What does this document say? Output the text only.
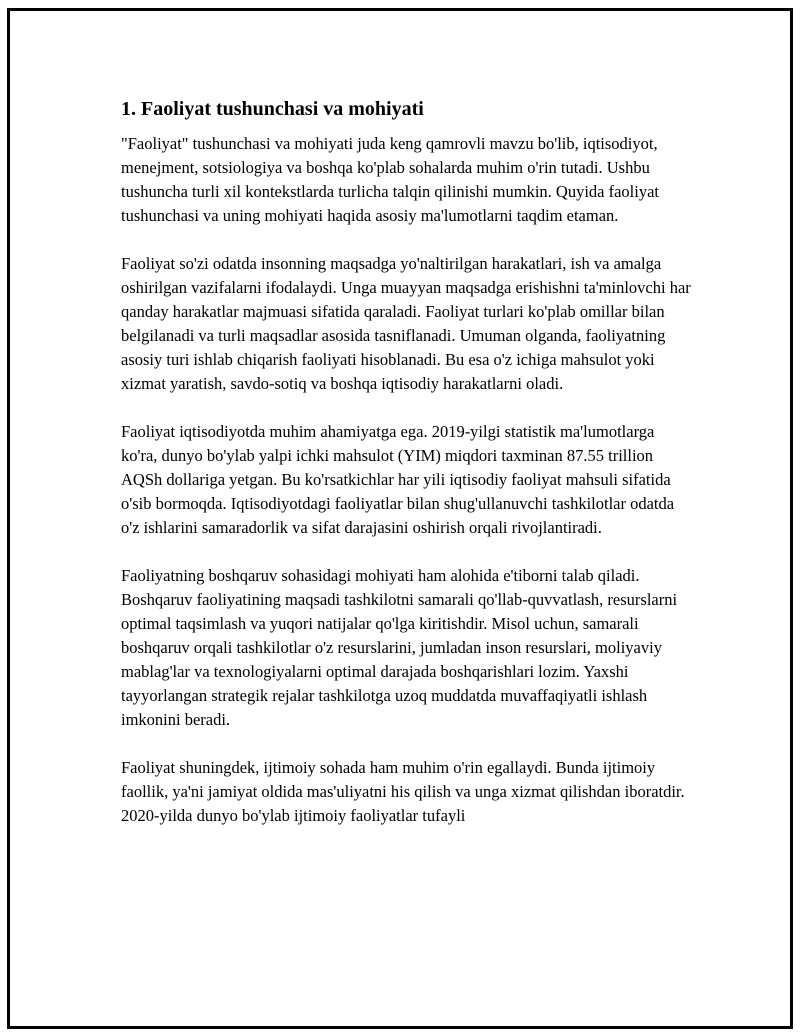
1. Faoliyat tushunchasi va mohiyati

"Faoliyat" tushunchasi va mohiyati juda keng qamrovli mavzu bo'lib, iqtisodiyot, menejment, sotsiologiya va boshqa ko'plab sohalarda muhim o'rin tutadi. Ushbu tushuncha turli xil kontekstlarda turlicha talqin qilinishi mumkin. Quyida faoliyat tushunchasi va uning mohiyati haqida asosiy ma'lumotlarni taqdim etaman.

Faoliyat so'zi odatda insonning maqsadga yo'naltirilgan harakatlari, ish va amalga oshirilgan vazifalarni ifodalaydi. Unga muayyan maqsadga erishishni ta'minlovchi har qanday harakatlar majmuasi sifatida qaraladi. Faoliyat turlari ko'plab omillar bilan belgilanadi va turli maqsadlar asosida tasniflanadi. Umuman olganda, faoliyatning asosiy turi ishlab chiqarish faoliyati hisoblanadi. Bu esa o'z ichiga mahsulot yoki xizmat yaratish, savdo-sotiq va boshqa iqtisodiy harakatlarni oladi.

Faoliyat iqtisodiyotda muhim ahamiyatga ega. 2019-yilgi statistik ma'lumotlarga ko'ra, dunyo bo'ylab yalpi ichki mahsulot (YIM) miqdori taxminan 87.55 trillion AQSh dollariga yetgan. Bu ko'rsatkichlar har yili iqtisodiy faoliyat mahsuli sifatida o'sib bormoqda. Iqtisodiyotdagi faoliyatlar bilan shug'ullanuvchi tashkilotlar odatda o'z ishlarini samaradorlik va sifat darajasini oshirish orqali rivojlantiradi.

Faoliyatning boshqaruv sohasidagi mohiyati ham alohida e'tiborni talab qiladi. Boshqaruv faoliyatining maqsadi tashkilotni samarali qo'llab-quvvatlash, resurslarni optimal taqsimlash va yuqori natijalar qo'lga kiritishdir. Misol uchun, samarali boshqaruv orqali tashkilotlar o'z resurslarini, jumladan inson resurslari, moliyaviy mablag'lar va texnologiyalarni optimal darajada boshqarishlari lozim. Yaxshi tayyorlangan strategik rejalar tashkilotga uzoq muddatda muvaffaqiyatli ishlash imkonini beradi.

Faoliyat shuningdek, ijtimoiy sohada ham muhim o'rin egallaydi. Bunda ijtimoiy faollik, ya'ni jamiyat oldida mas'uliyatni his qilish va unga xizmat qilishdan iboratdir. 2020-yilda dunyo bo'ylab ijtimoiy faoliyatlar tufayli
